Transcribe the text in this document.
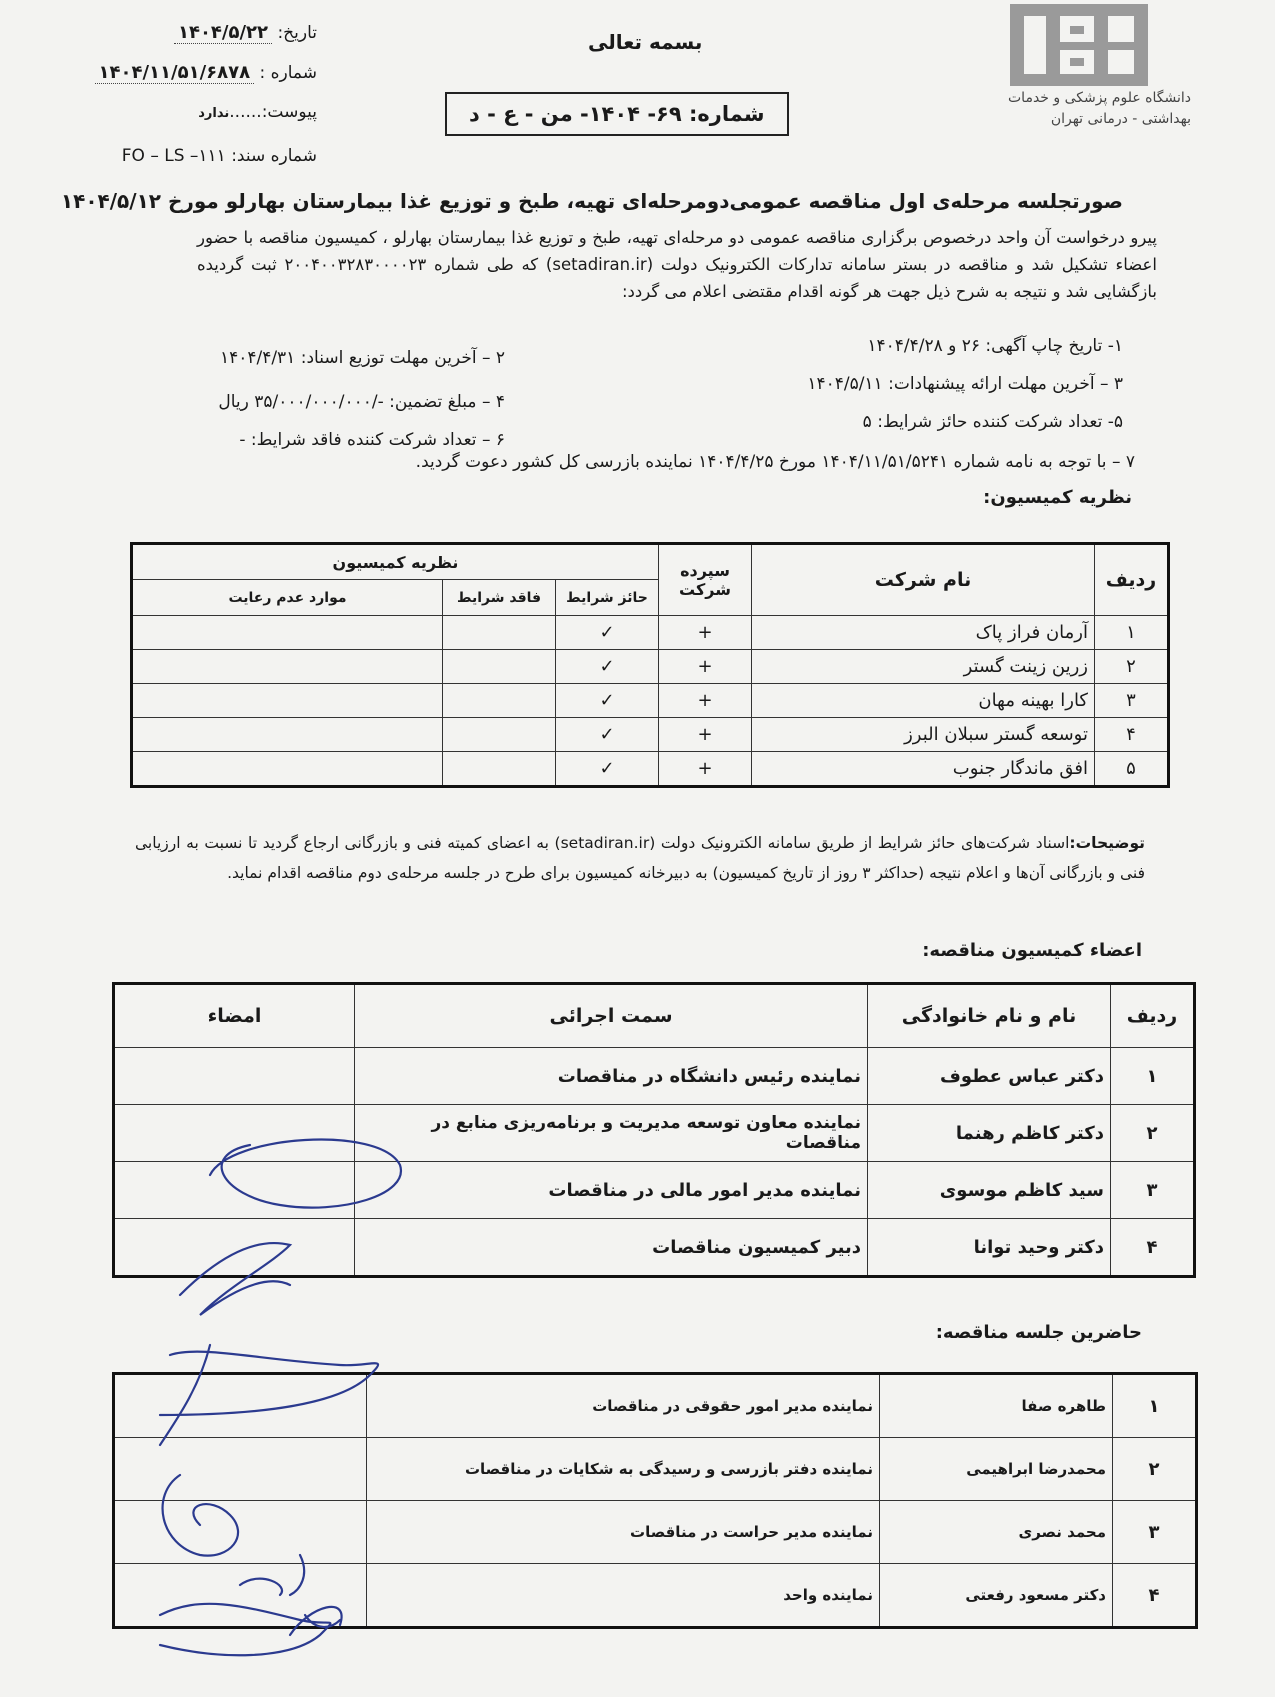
تاریخ: ۱۴۰۴/۵/۲۲
شماره : ۱۴۰۴/۱۱/۵۱/۶۸۷۸
پیوست:......ندارد
شماره سند: FO – LS –۱۱۱
بسمه تعالی
شماره: ۶۹- ۱۴۰۴- من - ع - د
دانشگاه علوم پزشکی و خدمات
بهداشتی - درمانی تهران
صورتجلسه مرحله‌ی اول مناقصه عمومی‌دومرحله‌ای تهیه، طبخ و توزیع غذا بیمارستان بهارلو مورخ ۱۴۰۴/۵/۱۲
پیرو درخواست آن واحد درخصوص برگزاری مناقصه عمومی دو مرحله‌ای تهیه، طبخ و توزیع غذا بیمارستان بهارلو ، کمیسیون مناقصه با حضور اعضاء تشکیل شد و مناقصه در بستر سامانه تدارکات الکترونیک دولت (setadiran.ir) که طی شماره ۲۰۰۴۰۰۳۲۸۳۰۰۰۰۲۳ ثبت گردیده بازگشایی شد و نتیجه به شرح ذیل جهت هر گونه اقدام مقتضی اعلام می گردد:
۱- تاریخ چاپ آگهی: ۲۶ و ۱۴۰۴/۴/۲۸
۲ – آخرین مهلت توزیع اسناد: ۱۴۰۴/۴/۳۱
۳ – آخرین مهلت ارائه پیشنهادات: ۱۴۰۴/۵/۱۱
۴ – مبلغ تضمین: -/۳۵/۰۰۰/۰۰۰/۰۰۰ ریال
۵- تعداد شرکت کننده حائز شرایط: ۵
۶ – تعداد شرکت کننده فاقد شرایط: -
۷ – با توجه به نامه شماره ۱۴۰۴/۱۱/۵۱/۵۲۴۱ مورخ ۱۴۰۴/۴/۲۵ نماینده بازرسی کل کشور دعوت گردید.
نظریه کمیسیون:
ردیف	نام شرکت	سپرده شرکت	نظریه کمیسیون		
			حائز شرایط	فاقد شرایط	موارد عدم رعایت
۱	آرمان فراز پاک	+	✓		
۲	زرین زینت گستر	+	✓		
۳	کارا بهینه مهان	+	✓		
۴	توسعه گستر سبلان البرز	+	✓		
۵	افق ماندگار جنوب	+	✓		
توضیحات:اسناد شرکت‌های حائز شرایط از طریق سامانه الکترونیک دولت (setadiran.ir) به اعضای کمیته فنی و بازرگانی ارجاع گردید تا نسبت به ارزیابی فنی و بازرگانی آن‌ها و اعلام نتیجه (حداکثر ۳ روز از تاریخ کمیسیون) به دبیرخانه کمیسیون برای طرح در جلسه مرحله‌ی دوم مناقصه اقدام نماید.
اعضاء کمیسیون مناقصه:
ردیف	نام و نام خانوادگی	سمت اجرائی	امضاء
۱	دکتر عباس عطوف	نماینده رئیس دانشگاه در مناقصات	
۲	دکتر کاظم رهنما	نماینده معاون توسعه مدیریت و برنامه‌ریزی منابع در مناقصات	
۳	سید کاظم موسوی	نماینده مدیر امور مالی در مناقصات	
۴	دکتر وحید توانا	دبیر کمیسیون مناقصات	
حاضرین جلسه مناقصه:
۱	طاهره صفا	نماینده مدیر امور حقوقی در مناقصات	
۲	محمدرضا ابراهیمی	نماینده دفتر بازرسی و رسیدگی به شکایات در مناقصات	
۳	محمد نصری	نماینده مدیر حراست در مناقصات	
۴	دکتر مسعود رفعتی	نماینده واحد	
